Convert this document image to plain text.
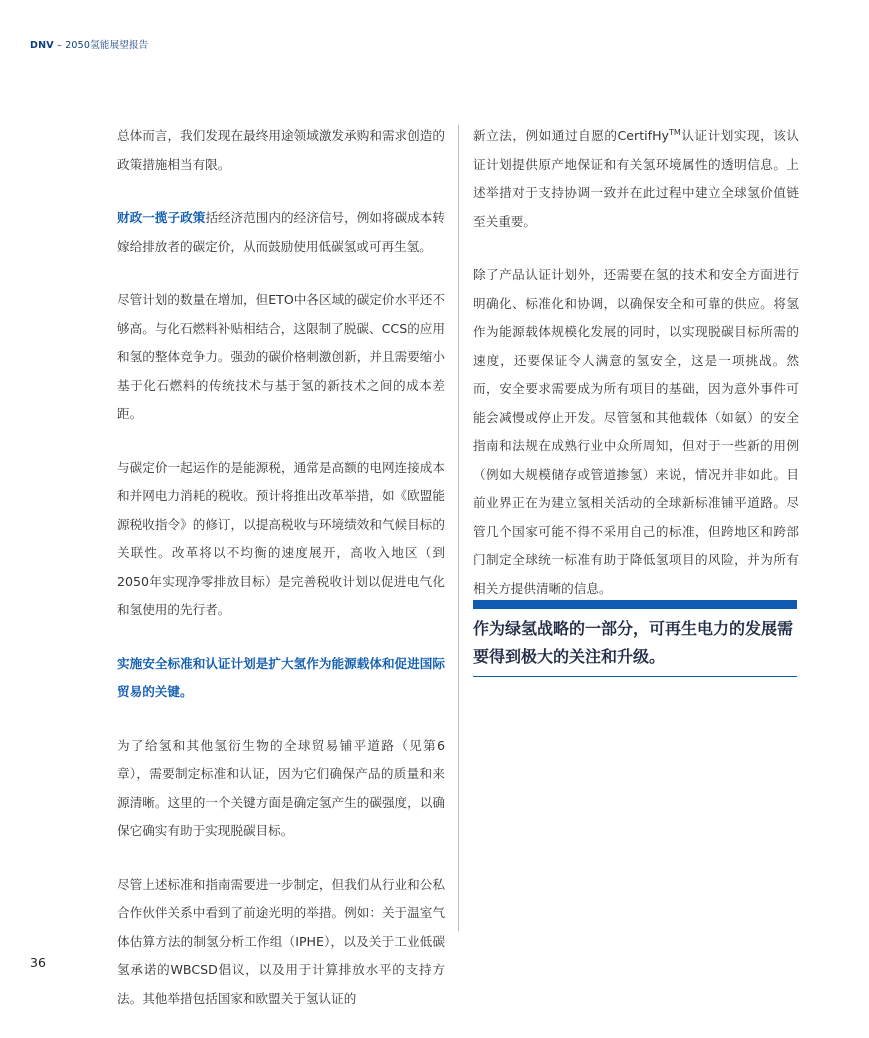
DNV – 2050氢能展望报告

总体而言，我们发现在最终用途领域激发承购和需求创造的政策措施相当有限。

财政一揽子政策括经济范围内的经济信号，例如将碳成本转嫁给排放者的碳定价，从而鼓励使用低碳氢或可再生氢。

尽管计划的数量在增加，但ETO中各区域的碳定价水平还不够高。与化石燃料补贴相结合，这限制了脱碳、CCS的应用和氢的整体竞争力。强劲的碳价格刺激创新，并且需要缩小基于化石燃料的传统技术与基于氢的新技术之间的成本差距。

与碳定价一起运作的是能源税，通常是高额的电网连接成本和并网电力消耗的税收。预计将推出改革举措，如《欧盟能源税收指令》的修订，以提高税收与环境绩效和气候目标的关联性。改革将以不均衡的速度展开，高收入地区（到2050年实现净零排放目标）是完善税收计划以促进电气化和氢使用的先行者。

实施安全标准和认证计划是扩大氢作为能源载体和促进国际贸易的关键。

为了给氢和其他氢衍生物的全球贸易铺平道路（见第6章），需要制定标准和认证，因为它们确保产品的质量和来源清晰。这里的一个关键方面是确定氢产生的碳强度，以确保它确实有助于实现脱碳目标。

尽管上述标准和指南需要进一步制定，但我们从行业和公私合作伙伴关系中看到了前途光明的举措。例如：关于温室气体估算方法的制氢分析工作组（IPHE），以及关于工业低碳氢承诺的WBCSD倡议，以及用于计算排放水平的支持方法。其他举措包括国家和欧盟关于氢认证的

新立法，例如通过自愿的CertifHy™认证计划实现，该认证计划提供原产地保证和有关氢环境属性的透明信息。上述举措对于支持协调一致并在此过程中建立全球氢价值链至关重要。

除了产品认证计划外，还需要在氢的技术和安全方面进行明确化、标准化和协调，以确保安全和可靠的供应。将氢作为能源载体规模化发展的同时，以实现脱碳目标所需的速度，还要保证令人满意的氢安全，这是一项挑战。然而，安全要求需要成为所有项目的基础，因为意外事件可能会减慢或停止开发。尽管氢和其他载体（如氨）的安全指南和法规在成熟行业中众所周知，但对于一些新的用例（例如大规模储存或管道掺氢）来说，情况并非如此。目前业界正在为建立氢相关活动的全球新标准铺平道路。尽管几个国家可能不得不采用自己的标准，但跨地区和跨部门制定全球统一标准有助于降低氢项目的风险，并为所有相关方提供清晰的信息。

作为绿氢战略的一部分，可再生电力的发展需要得到极大的关注和升级。
36
